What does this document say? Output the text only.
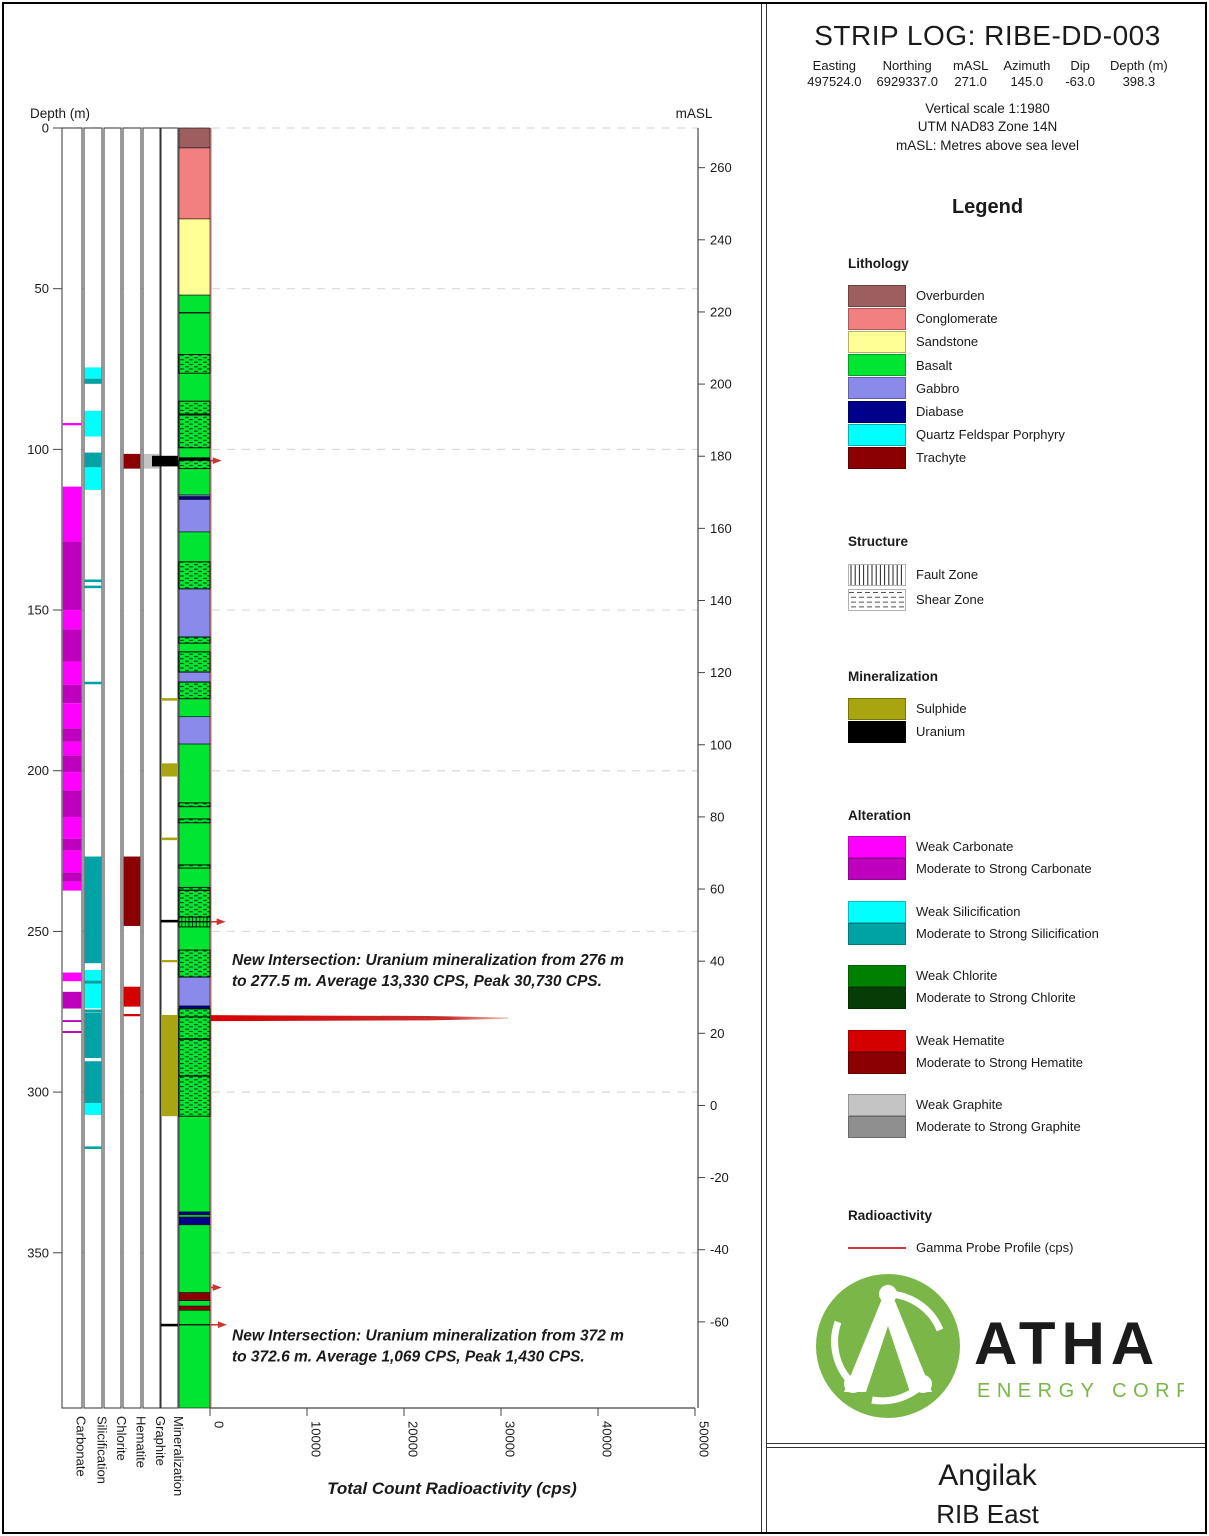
Depth (m)
0
50
100
150
200
250
300
350
mASL
260
240
220
200
180
160
140
120
100
80
60
40
20
0
-20
-40
-60
0	10000	20000	30000	40000	50000
Total Count Radioactivity (cps)
Carbonate Silicification Chlorite Hematite Graphite Mineralization
New Intersection: Uranium mineralization from 276 m
to 277.5 m. Average 13,330 CPS, Peak 30,730 CPS.
New Intersection: Uranium mineralization from 372 m
to 372.6 m. Average 1,069 CPS, Peak 1,430 CPS.
STRIP LOG: RIBE-DD-003
Easting
497524.0
Northing
6929337.0
mASL
271.0
Azimuth
145.0
Dip
-63.0
Depth (m)
398.3
Vertical scale 1:1980
UTM NAD83 Zone 14N
mASL: Metres above sea level
Legend
Lithology
Overburden
Conglomerate
Sandstone
Basalt
Gabbro
Diabase
Quartz Feldspar Porphyry
Trachyte
Structure
Fault Zone
Shear Zone
Mineralization
Sulphide
Uranium
Alteration
Weak Carbonate
Moderate to Strong Carbonate
Weak Silicification
Moderate to Strong Silicification
Weak Chlorite
Moderate to Strong Chlorite
Weak Hematite
Moderate to Strong Hematite
Weak Graphite
Moderate to Strong Graphite
Radioactivity
Gamma Probe Profile (cps)
ATHA
ENERGY CORP.
Angilak
RIB East
